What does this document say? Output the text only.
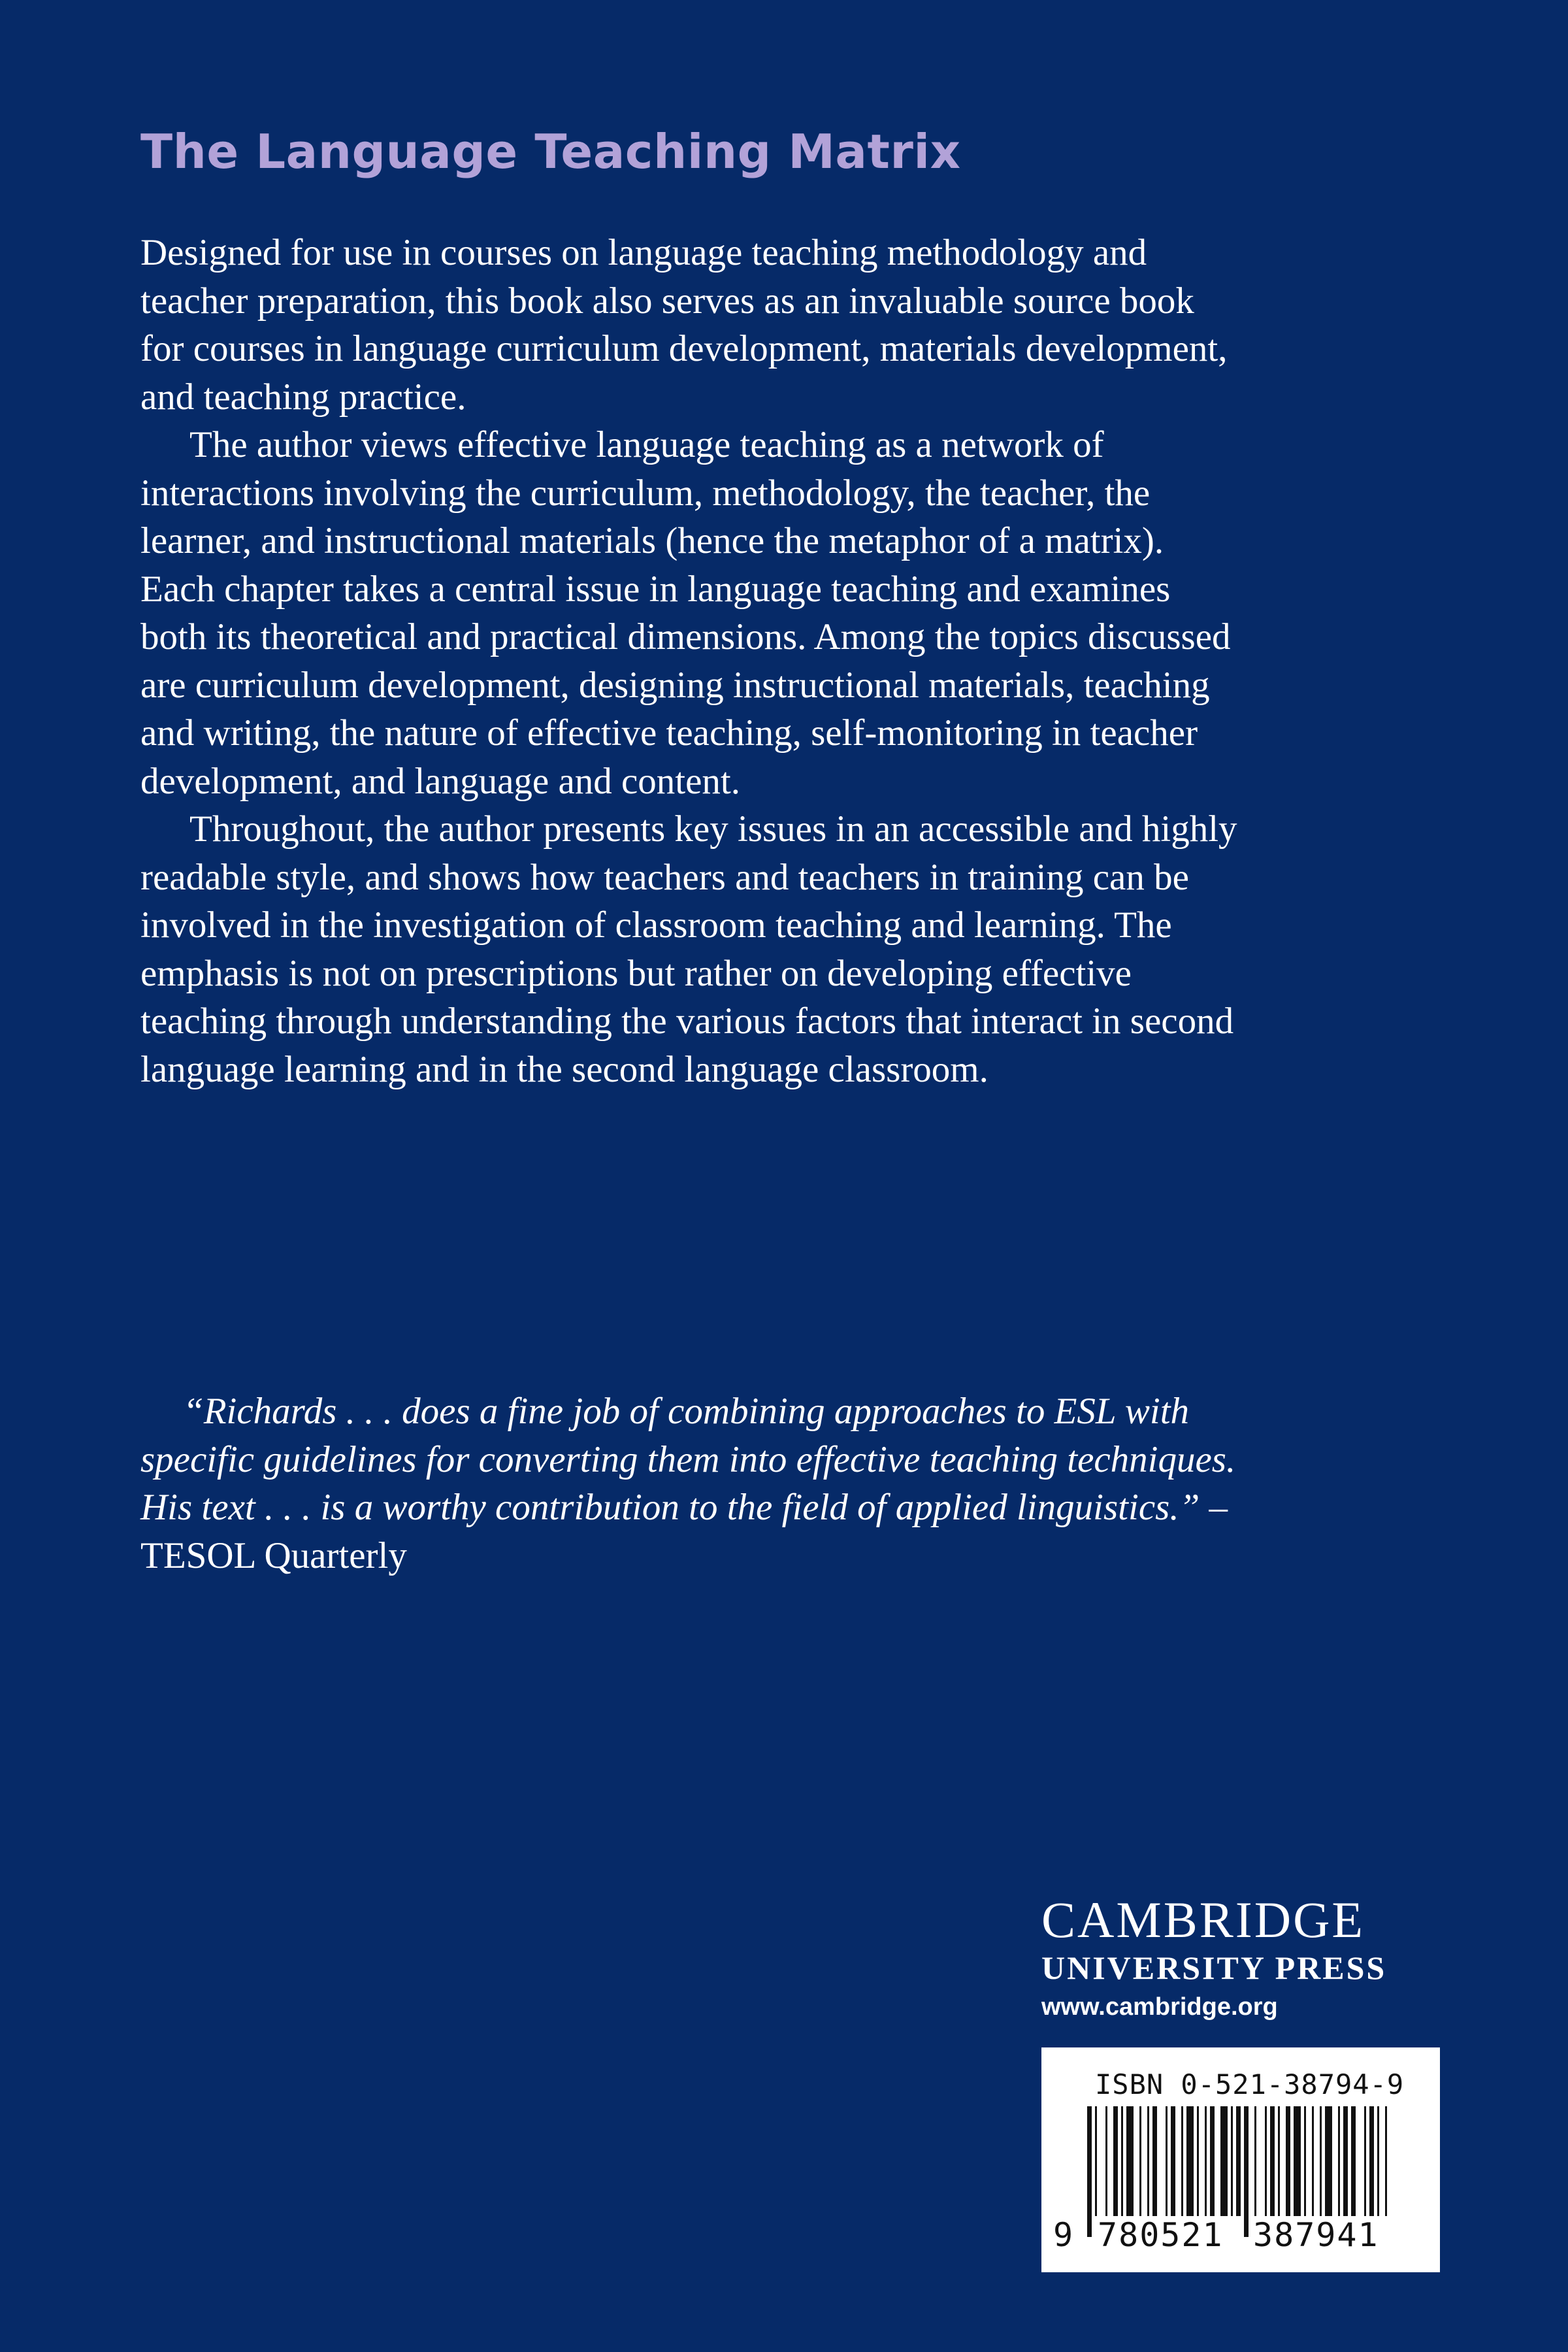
The Language Teaching Matrix

Designed for use in courses on language teaching methodology and teacher preparation, this book also serves as an invaluable source book for courses in language curriculum development, materials development, and teaching practice.

The author views effective language teaching as a network of interactions involving the curriculum, methodology, the teacher, the learner, and instructional materials (hence the metaphor of a matrix). Each chapter takes a central issue in language teaching and examines both its theoretical and practical dimensions. Among the topics discussed are curriculum development, designing instructional materials, teaching and writing, the nature of effective teaching, self-monitoring in teacher development, and language and content.

Throughout, the author presents key issues in an accessible and highly readable style, and shows how teachers and teachers in training can be involved in the investigation of classroom teaching and learning. The emphasis is not on prescriptions but rather on developing effective teaching through understanding the various factors that interact in second language learning and in the second language classroom.

“Richards . . . does a fine job of combining approaches to ESL with specific guidelines for converting them into effective teaching techniques. His text . . . is a worthy contribution to the field of applied linguistics.” – TESOL Quarterly
CAMBRIDGE
UNIVERSITY PRESS
www.cambridge.org
ISBN 0-521-38794-9
9 780521 387941
